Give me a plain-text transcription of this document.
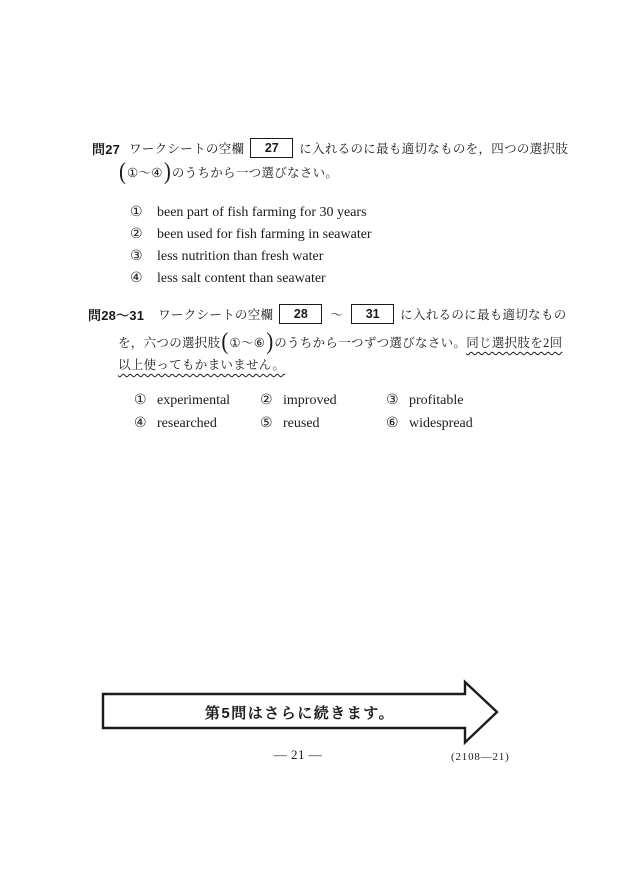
問27 ワークシートの空欄	27	に入れるのに最も適切なものを，四つの選択肢
( ①～④ ) のうちから一つ選びなさい。
① been part of fish farming for 30 years
② been used for fish farming in seawater
③ less nutrition than fresh water
④ less salt content than seawater
問28～31 ワークシートの空欄	28	～	31	に入れるのに最も適切なもの
を，六つの選択肢 ( ①～⑥ ) のうちから一つずつ選びなさい。 同じ選択肢を2回
以上使ってもかまいません。
① experimental ② improved	③ profitable
④ researched	⑤ reused	⑥ widespread
第5問はさらに続きます。
— 21 —	(2108—21)
